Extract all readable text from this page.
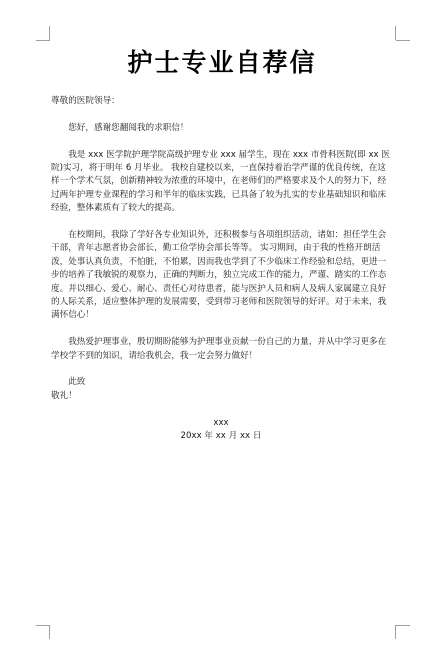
护士专业自荐信

尊敬的医院领导：

您好，感谢您翻阅我的求职信！

我是 xxx 医学院护理学院高级护理专业 xxx 届学生，现在 xxx 市骨科医院(即 xx 医院)实习，将于明年 6 月毕业。 我校自建校以来，一直保持着治学严谨的优良传统，在这样一个学术气氛，创新精神较为浓重的环境中，在老师们的严格要求及个人的努力下，经过两年护理专业课程的学习和半年的临床实践，已具备了较为扎实的专业基础知识和临床经验，整体素质有了较大的提高。

在校期间，我除了学好各专业知识外，还积极参与各项组织活动，诸如：担任学生会干部，青年志愿者协会部长，勤工俭学协会部长等等。 实习期间，由于我的性格开朗活泼，处事认真负责，不怕脏，不怕累，因而我也学到了不少临床工作经验和总结，更进一步的培养了我敏锐的观察力，正确的判断力，独立完成工作的能力，严谨、踏实的工作态度。并以细心、爱心、耐心、责任心对待患者，能与医护人员和病人及病人家属建立良好的人际关系，适应整体护理的发展需要，受到带习老师和医院领导的好评。对于未来，我满怀信心！

我热爱护理事业，殷切期盼能够为护理事业贡献一份自己的力量，并从中学习更多在学校学不到的知识，请给我机会，我一定会努力做好！

此致

敬礼！

xxx

20xx 年 xx 月 xx 日
